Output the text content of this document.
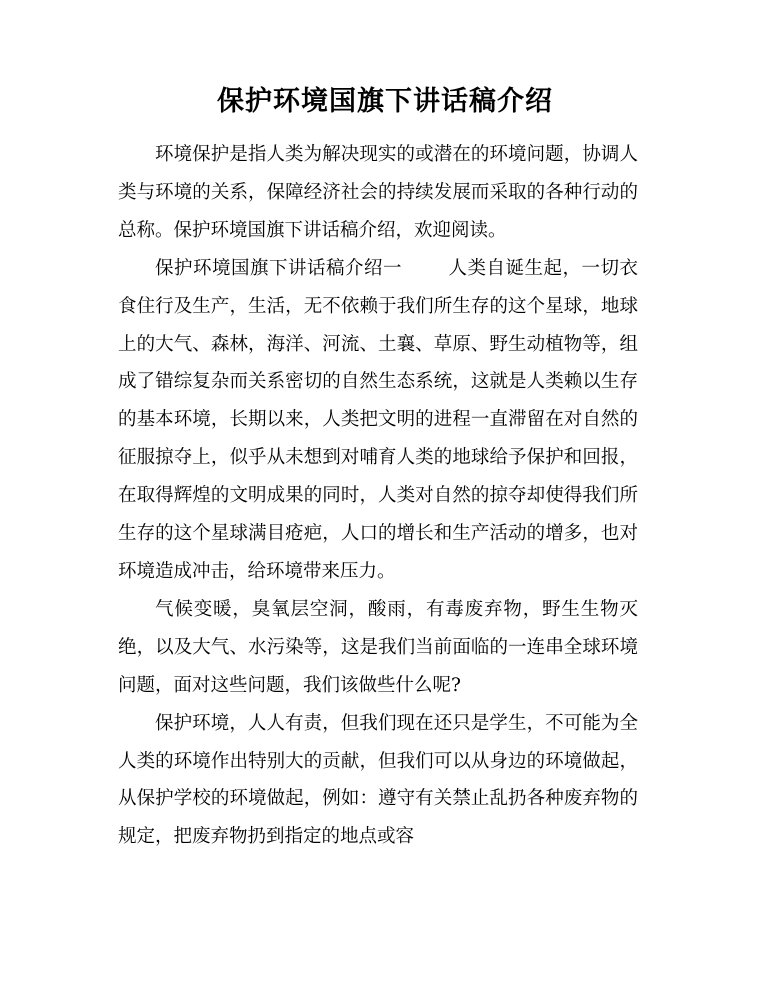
保护环境国旗下讲话稿介绍

环境保护是指人类为解决现实的或潜在的环境问题，协调人类与环境的关系，保障经济社会的持续发展而采取的各种行动的总称。保护环境国旗下讲话稿介绍，欢迎阅读。

保护环境国旗下讲话稿介绍一 人类自诞生起，一切衣食住行及生产，生活，无不依赖于我们所生存的这个星球，地球上的大气、森林，海洋、河流、土襄、草原、野生动植物等，组成了错综复杂而关系密切的自然生态系统，这就是人类赖以生存的基本环境，长期以来，人类把文明的进程一直滞留在对自然的征服掠夺上，似乎从未想到对哺育人类的地球给予保护和回报，在取得辉煌的文明成果的同时，人类对自然的掠夺却使得我们所生存的这个星球满目疮疤，人口的增长和生产活动的增多，也对环境造成冲击，给环境带来压力。

气候变暖，臭氧层空洞，酸雨，有毒废弃物，野生生物灭绝，以及大气、水污染等，这是我们当前面临的一连串全球环境问题，面对这些问题，我们该做些什么呢?

保护环境，人人有责，但我们现在还只是学生，不可能为全人类的环境作出特别大的贡献，但我们可以从身边的环境做起，从保护学校的环境做起，例如：遵守有关禁止乱扔各种废弃物的规定，把废弃物扔到指定的地点或容
